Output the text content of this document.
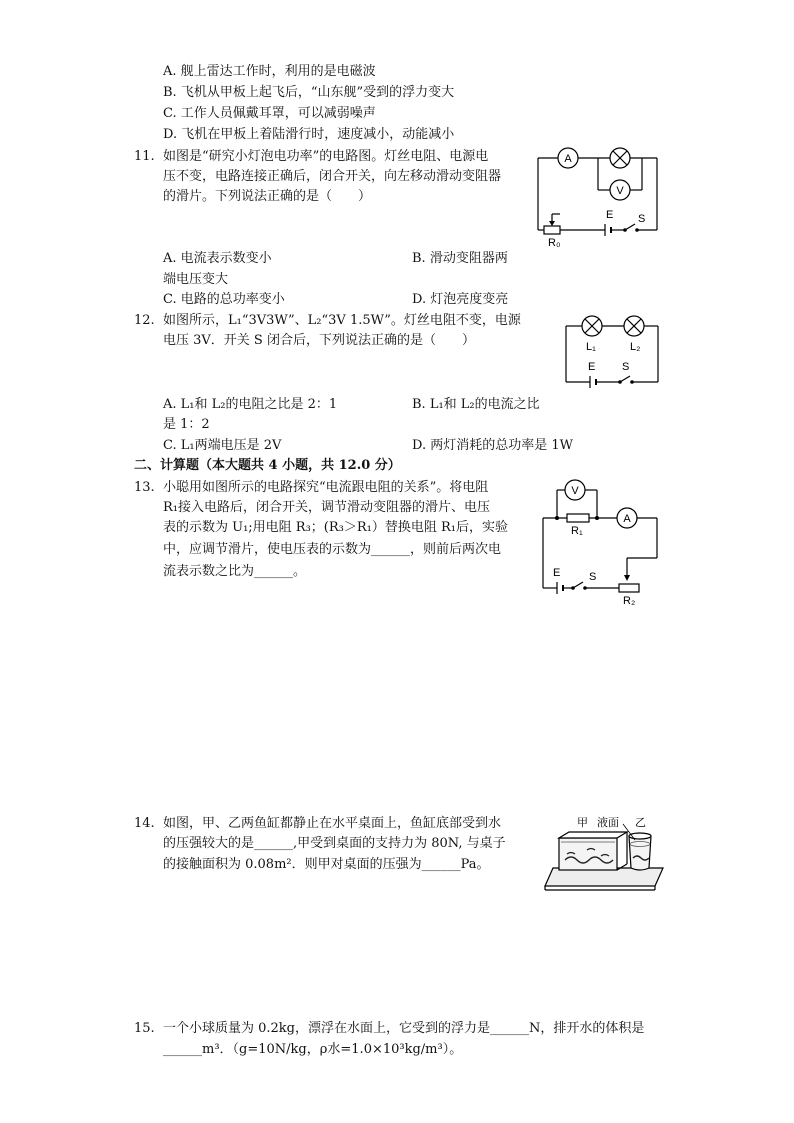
A. 舰上雷达工作时，利用的是电磁波
B. 飞机从甲板上起飞后，“山东舰”受到的浮力变大
C. 工作人员佩戴耳罩，可以减弱噪声
D. 飞机在甲板上着陆滑行时，速度减小，动能减小
11. 如图是“研究小灯泡电功率”的电路图。灯丝电阻、电源电
压不变，电路连接正确后，闭合开关，向左移动滑动变阻器
的滑片。下列说法正确的是（　　）
A
V
E S
R₀
A. 电流表示数变小	B. 滑动变阻器两
端电压变大
C. 电路的总功率变小	D. 灯泡亮度变亮
12. 如图所示，L₁“3V3W”、L₂“3V 1.5W”。灯丝电阻不变，电源
电压 3V．开关 S 闭合后，下列说法正确的是（　　）	L₁	L₂
E S
A. L₁和 L₂的电阻之比是 2：1	B. L₁和 L₂的电流之比
是 1：2
C. L₁两端电压是 2V	D. 两灯消耗的总功率是 1W
二、计算题（本大题共 4 小题，共 12.0 分）
13. 小聪用如图所示的电路探究“电流跟电阻的关系”。将电阻
R₁接入电路后，闭合开关，调节滑动变阻器的滑片、电压
表的示数为 U₁;用电阻 R₃；(R₃＞R₁）替换电阻 R₁后，实验
中，应调节滑片，使电压表的示数为______，则前后两次电
流表示数之比为______。
V
A
R₁
E	S
R₂
14. 如图，甲、乙两鱼缸都静止在水平桌面上，鱼缸底部受到水
的压强较大的是______,甲受到桌面的支持力为 80N, 与桌子
的接触面积为 0.08m²．则甲对桌面的压强为______Pa。
甲 液面 乙
15. 一个小球质量为 0.2kg，漂浮在水面上，它受到的浮力是______N，排开水的体积是
______m³．（g=10N/kg，ρ水=1.0×10³kg/m³）。
